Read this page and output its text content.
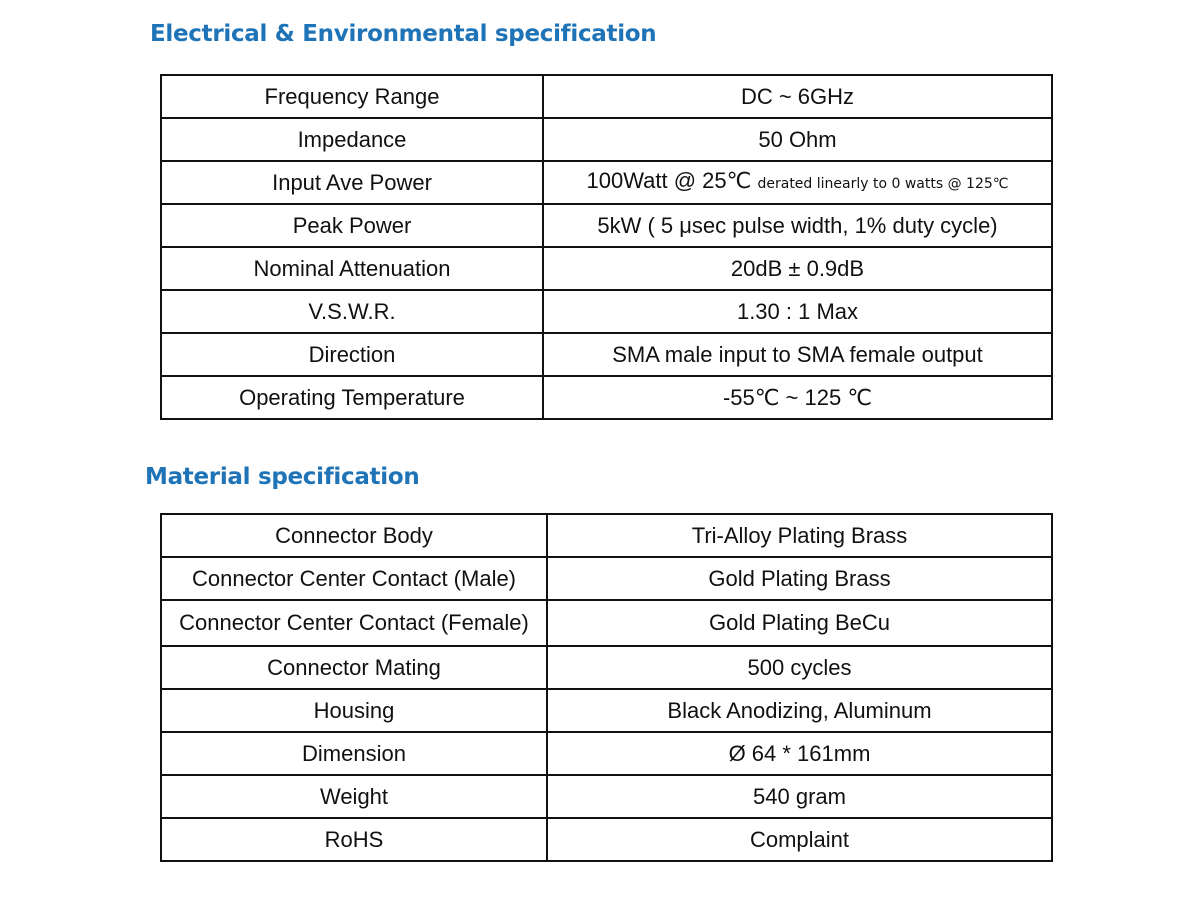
Electrical & Environmental specification
Frequency Range	DC ~ 6GHz
Impedance	50 Ohm
Input Ave Power	100Watt @ 25℃ derated linearly to 0 watts @ 125℃
Peak Power	5kW ( 5 μsec pulse width, 1% duty cycle)
Nominal Attenuation	20dB ± 0.9dB
V.S.W.R.	1.30 : 1 Max
Direction	SMA male input to SMA female output
Operating Temperature	-55℃ ~ 125 ℃
Material specification
Connector Body	Tri-Alloy Plating Brass
Connector Center Contact (Male)	Gold Plating Brass
Connector Center Contact (Female)	Gold Plating BeCu
Connector Mating	500 cycles
Housing	Black Anodizing, Aluminum
Dimension	Ø 64 * 161mm
Weight	540 gram
RoHS	Complaint
